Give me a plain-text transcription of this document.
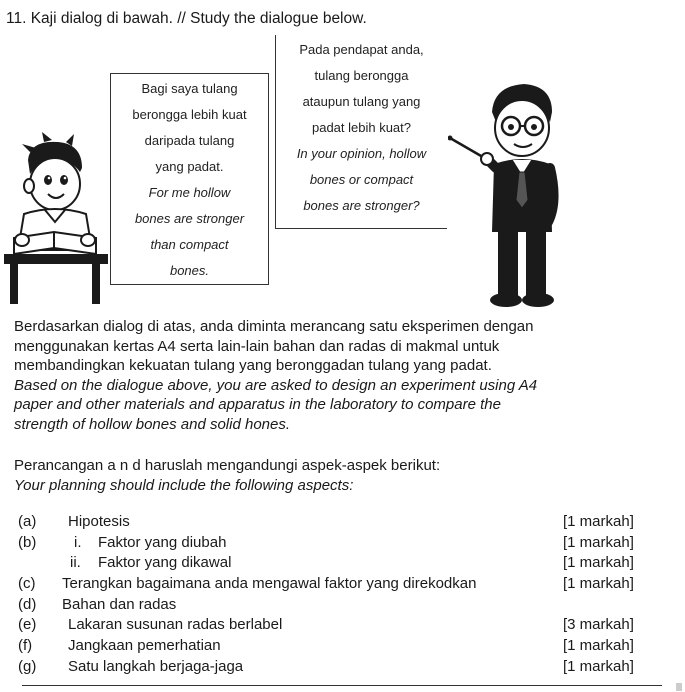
11. Kaji dialog di bawah. // Study the dialogue below.
Bagi saya tulang
berongga lebih kuat
daripada tulang
yang padat.
For me hollow
bones are stronger
than compact
bones.
Pada pendapat anda,
tulang berongga
ataupun tulang yang
padat lebih kuat?
In your opinion, hollow
bones or compact
bones are stronger?
Berdasarkan dialog di atas, anda diminta merancang satu eksperimen dengan
menggunakan kertas A4 serta lain-lain bahan dan radas di makmal untuk
membandingkan kekuatan tulang yang beronggadan tulang yang padat.
Based on the dialogue above, you are asked to design an experiment using A4
paper and other materials and apparatus in the laboratory to compare the
strength of hollow bones and solid hones.
Perancangan a n d haruslah mengandungi aspek-aspek berikut:
Your planning should include the following aspects:
(a) Hipotesis	[1 markah]
(b)	i. Faktor yang diubah	[1 markah]
ii. Faktor yang dikawal	[1 markah]
(c) Terangkan bagaimana anda mengawal faktor yang direkodkan	[1 markah]
(d) Bahan dan radas
(e) Lakaran susunan radas berlabel	[3 markah]
(f) Jangkaan pemerhatian	[1 markah]
(g) Satu langkah berjaga-jaga	[1 markah]
